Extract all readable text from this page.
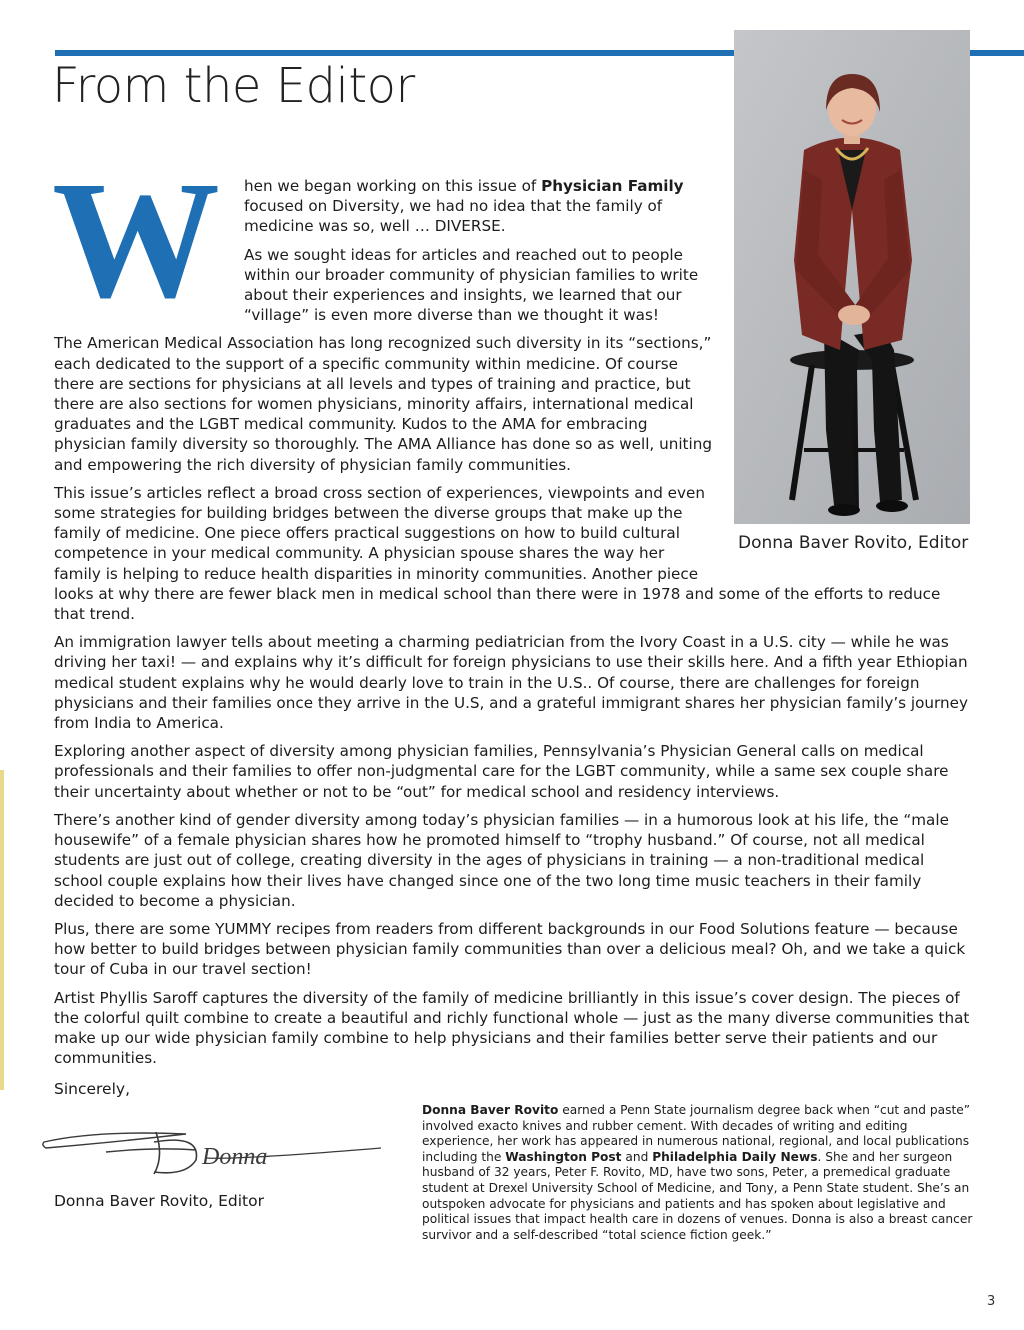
From the Editor
Donna Baver Rovito, Editor
W	hen we began working on this issue of Physician Family focused on Diversity, we had no idea that the family of medicine was so, well … DIVERSE.

As we sought ideas for articles and reached out to people within our broader community of physician families to write about their experiences and insights, we learned that our “village” is even more diverse than we thought it was!

The American Medical Association has long recognized such diversity in its “sections,” each dedicated to the support of a specific community within medicine. Of course there are sections for physicians at all levels and types of training and practice, but there are also sections for women physicians, minority affairs, international medical graduates and the LGBT medical community. Kudos to the AMA for embracing physician family diversity so thoroughly. The AMA Alliance has done so as well, uniting and empowering the rich diversity of physician family communities.

This issue’s articles reflect a broad cross section of experiences, viewpoints and even some strategies for building bridges between the diverse groups that make up the family of medicine. One piece offers practical suggestions on how to build cultural competence in your medical community. A physician spouse shares the way her family is helping to reduce health disparities in minority communities. Another piece looks at why there are fewer black men in medical school than there were in 1978 and some of the efforts to reduce that trend.

An immigration lawyer tells about meeting a charming pediatrician from the Ivory Coast in a U.S. city — while he was driving her taxi! — and explains why it’s difficult for foreign physicians to use their skills here. And a fifth year Ethiopian medical student explains why he would dearly love to train in the U.S.. Of course, there are challenges for foreign physicians and their families once they arrive in the U.S, and a grateful immigrant shares her physician family’s journey from India to America.

Exploring another aspect of diversity among physician families, Pennsylvania’s Physician General calls on medical professionals and their families to offer non-judgmental care for the LGBT community, while a same sex couple share their uncertainty about whether or not to be “out” for medical school and residency interviews.

There’s another kind of gender diversity among today’s physician families — in a humorous look at his life, the “male housewife” of a female physician shares how he promoted himself to “trophy husband.” Of course, not all medical students are just out of college, creating diversity in the ages of physicians in training — a non-traditional medical school couple explains how their lives have changed since one of the two long time music teachers in their family decided to become a physician.

Plus, there are some YUMMY recipes from readers from different backgrounds in our Food Solutions feature — because how better to build bridges between physician family communities than over a delicious meal? Oh, and we take a quick tour of Cuba in our travel section!

Artist Phyllis Saroff captures the diversity of the family of medicine brilliantly in this issue’s cover design. The pieces of the colorful quilt combine to create a beautiful and richly functional whole — just as the many diverse communities that make up our wide physician family combine to help physicians and their families better serve their patients and our communities.

Sincerely,
Donna
Donna Baver Rovito, Editor
Donna Baver Rovito earned a Penn State journalism degree back when “cut and paste” involved exacto knives and rubber cement. With decades of writing and editing experience, her work has appeared in numerous national, regional, and local publications including the Washington Post and Philadelphia Daily News. She and her surgeon husband of 32 years, Peter F. Rovito, MD, have two sons, Peter, a premedical graduate student at Drexel University School of Medicine, and Tony, a Penn State student. She’s an outspoken advocate for physicians and patients and has spoken about legislative and political issues that impact health care in dozens of venues. Donna is also a breast cancer survivor and a self-described “total science fiction geek.”
3
